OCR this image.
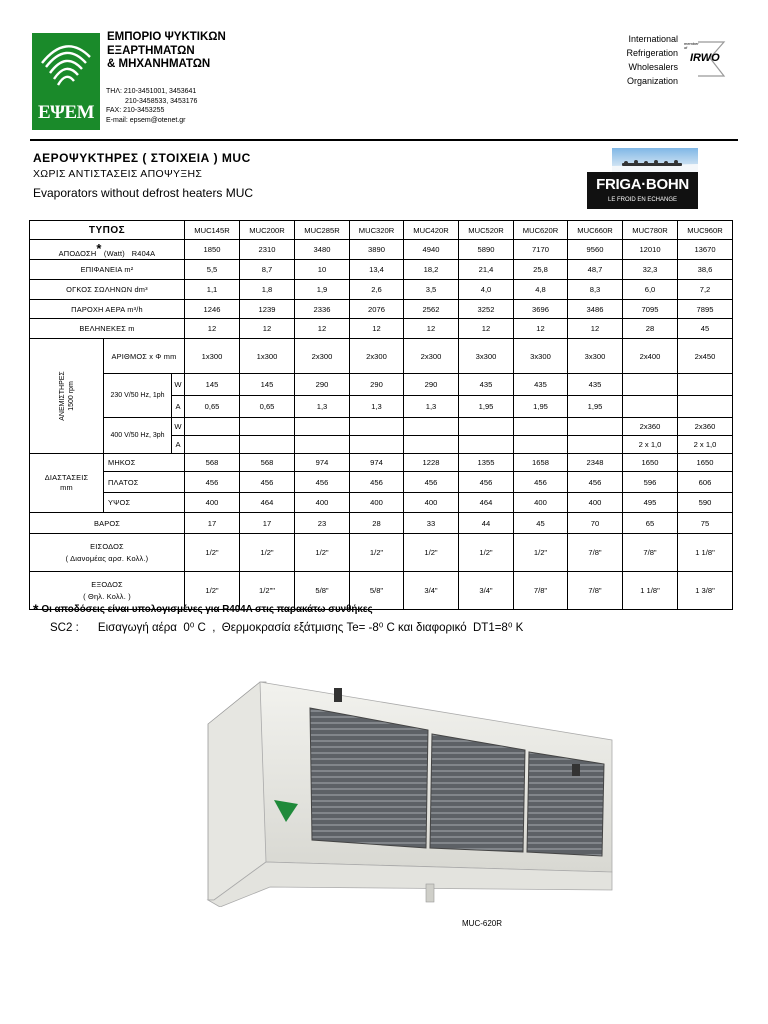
ΕΨΕΜ
ΕΜΠΟΡΙΟ ΨΥΚΤΙΚΩΝ
ΕΞΑΡΤΗΜΑΤΩΝ
& ΜΗΧΑΝΗΜΑΤΩΝ
ΤΗΛ: 210-3451001, 3453641
210-3458533, 3453176
FAX: 210-3453255
E-mail: epsem@otenet.gr
International
Refrigeration
Wholesalers
Organization
IRWO
member of
ΑΕΡΟΨΥΚΤΗΡΕΣ ( ΣΤΟΙΧΕΙΑ ) MUC
ΧΩΡΙΣ ΑΝΤΙΣΤΑΣΕΙΣ ΑΠΟΨΥΞΗΣ
Evaporators without defrost heaters MUC	FRIGA·BOHN
LE FROID EN ECHANGE
ΤΥΠΟΣ			MUC145R	MUC200R	MUC285R	MUC320R	MUC420R	MUC520R	MUC620R	MUC660R	MUC780R	MUC960R
ΑΠΟΔΟΣΗ* (Watt) R404A			1850	2310	3480	3890	4940	5890	7170	9560	12010	13670
ΕΠΙΦΑΝΕΙΑ m²			5,5	8,7	10	13,4	18,2	21,4	25,8	48,7	32,3	38,6
ΟΓΚΟΣ ΣΩΛΗΝΩΝ dm³			1,1	1,8	1,9	2,6	3,5	4,0	4,8	8,3	6,0	7,2
ΠΑΡΟΧΗ ΑΕΡΑ m³/h			1246	1239	2336	2076	2562	3252	3696	3486	7095	7895
ΒΕΛΗΝΕΚΕΣ m			12	12	12	12	12	12	12	12	28	45
ΑΝΕΜΙΣΤΗΡΕΣ 1500 rpm	ΑΡΙΘΜΟΣ x Φ mm		1x300	1x300	2x300	2x300	2x300	3x300	3x300	3x300	2x400	2x450
	230 V/50 Hz, 1ph	W	145	145	290	290	290	435	435	435		
		A	0,65	0,65	1,3	1,3	1,3	1,95	1,95	1,95		
	400 V/50 Hz, 3ph	W									2x360	2x360
		A									2 x 1,0	2 x 1,0
ΔΙΑΣΤΑΣΕΙΣ
mm	ΜΗΚΟΣ		568	568	974	974	1228	1355	1658	2348	1650	1650
	ΠΛΑΤΟΣ		456	456	456	456	456	456	456	456	596	606
	ΥΨΟΣ		400	464	400	400	400	464	400	400	495	590
ΒΑΡΟΣ			17	17	23	28	33	44	45	70	65	75
ΕΙΣΟΔΟΣ
( Διανομέας αρσ. Κολλ.)			1/2"	1/2"	1/2"	1/2"	1/2"	1/2"	1/2"	7/8"	7/8"	1 1/8"
ΕΞΟΔΟΣ
( Θηλ. Κολλ. )			1/2"	1/2""	5/8"	5/8"	3/4"	3/4"	7/8"	7/8"	1 1/8"	1 3/8"
* Οι αποδόσεις είναι υπολογισμένες για R404A στις παρακάτω συνθήκες
SC2 :      Εισαγωγή αέρα  0⁰ C  ,  Θερμοκρασία εξάτμισης Te= -8⁰ C και διαφορικό  DT1=8⁰ K
MUC-620R
